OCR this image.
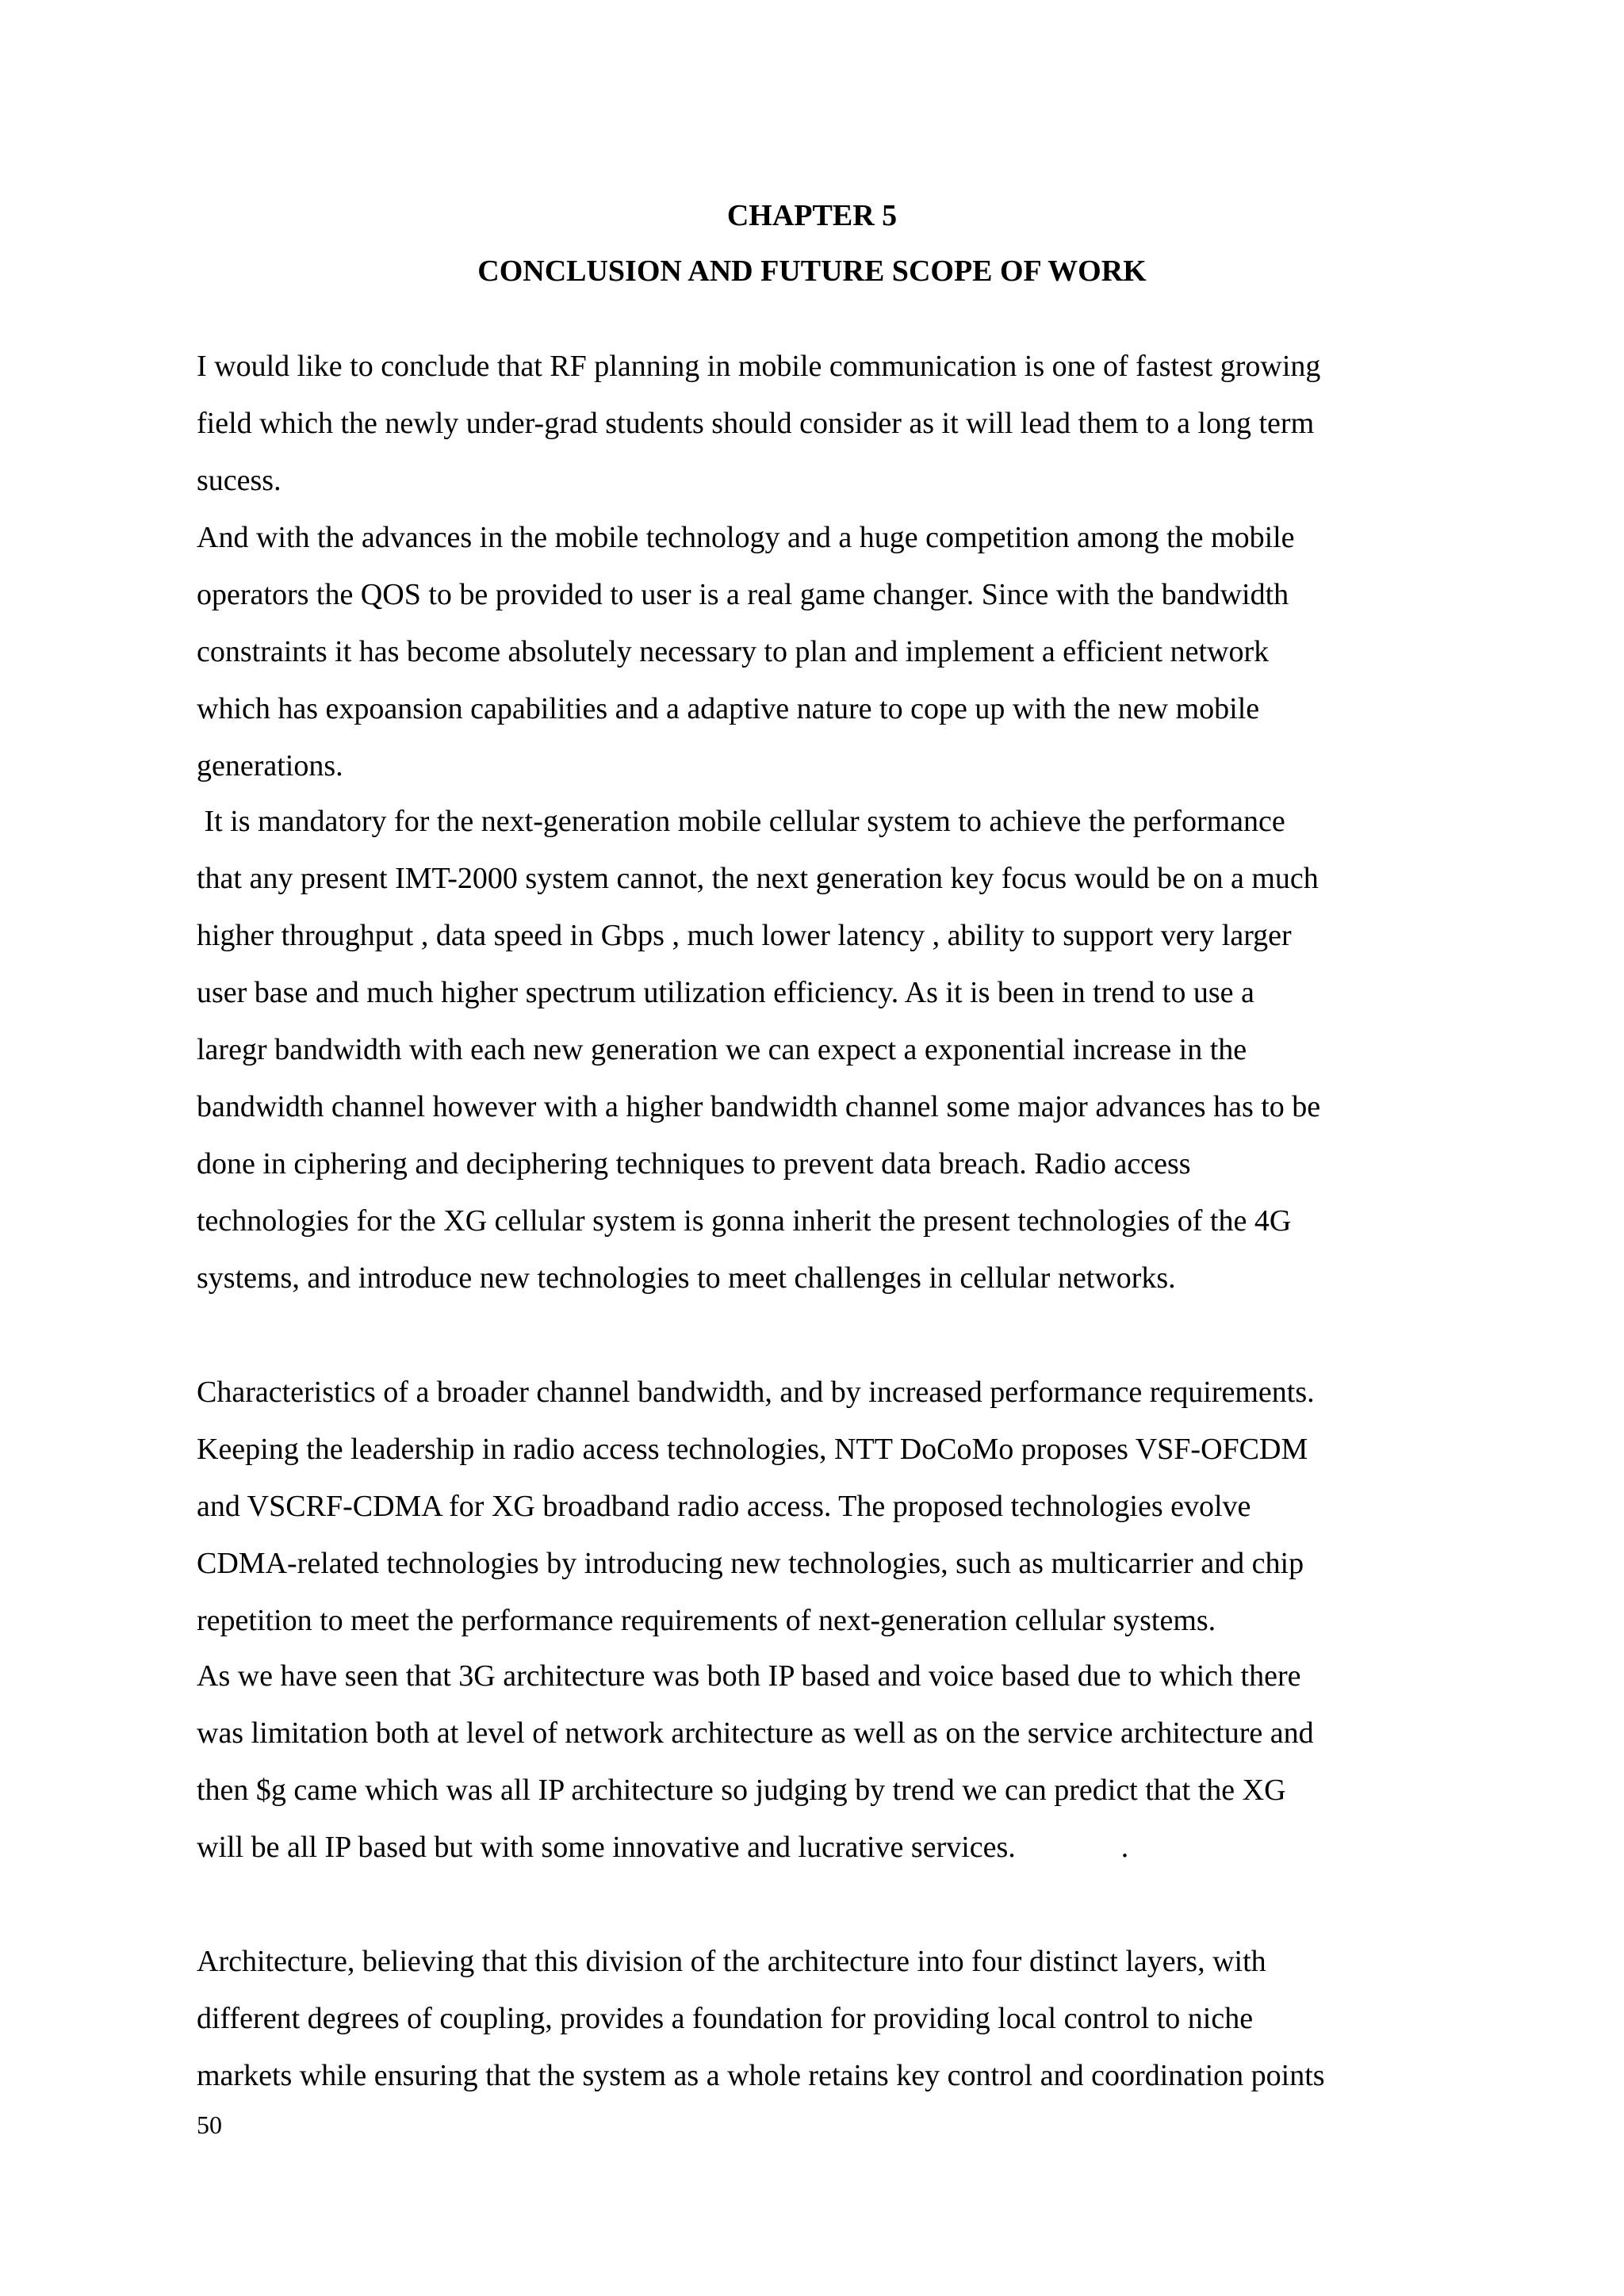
CHAPTER 5
CONCLUSION AND FUTURE SCOPE OF WORK
I would like to conclude that RF planning in mobile communication is one of fastest growing
field which the newly under-grad students should consider as it will lead them to a long term
sucess.
And with the advances in the mobile technology and a huge competition among the mobile
operators the QOS to be provided to user is a real game changer. Since with the bandwidth
constraints it has become absolutely necessary to plan and implement a efficient network
which has expoansion capabilities and a adaptive nature to cope up with the new mobile
generations.
It is mandatory for the next-generation mobile cellular system to achieve the performance
that any present IMT-2000 system cannot, the next generation key focus would be on a much
higher throughput , data speed in Gbps , much lower latency , ability to support very larger
user base and much higher spectrum utilization efficiency. As it is been in trend to use a
laregr bandwidth with each new generation we can expect a exponential increase in the
bandwidth channel however with a higher bandwidth channel some major advances has to be
done in ciphering and deciphering techniques to prevent data breach. Radio access
technologies for the XG cellular system is gonna inherit the present technologies of the 4G
systems, and introduce new technologies to meet challenges in cellular networks.
Characteristics of a broader channel bandwidth, and by increased performance requirements.
Keeping the leadership in radio access technologies, NTT DoCoMo proposes VSF-OFCDM
and VSCRF-CDMA for XG broadband radio access. The proposed technologies evolve
CDMA-related technologies by introducing new technologies, such as multicarrier and chip
repetition to meet the performance requirements of next-generation cellular systems.
As we have seen that 3G architecture was both IP based and voice based due to which there
was limitation both at level of network architecture as well as on the service architecture and
then $g came which was all IP architecture so judging by trend we can predict that the XG
will be all IP based but with some innovative and lucrative services.              .
Architecture, believing that this division of the architecture into four distinct layers, with
different degrees of coupling, provides a foundation for providing local control to niche
markets while ensuring that the system as a whole retains key control and coordination points
50
